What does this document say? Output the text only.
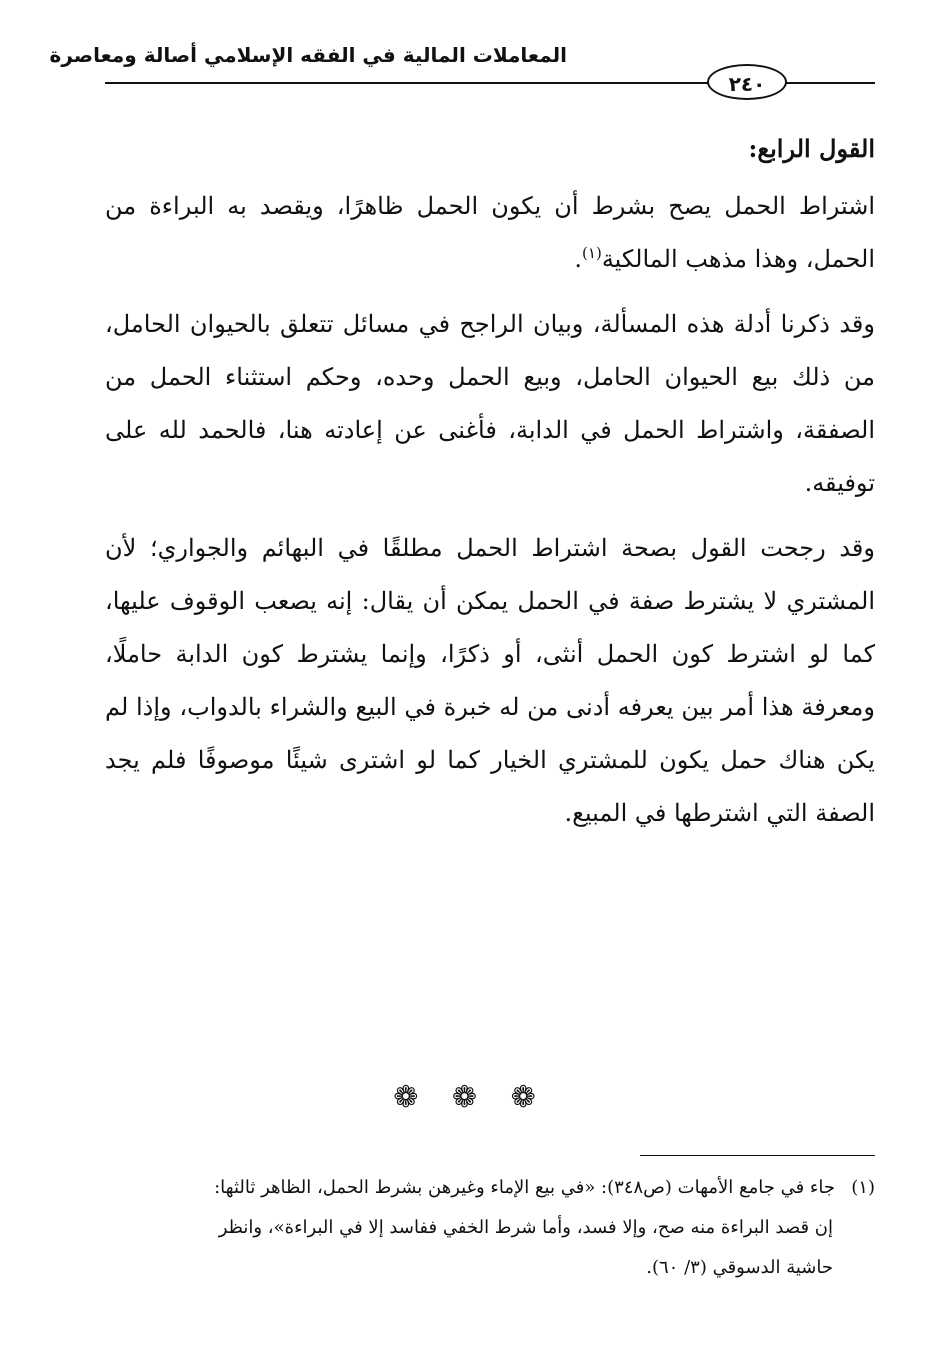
المعاملات المالية في الفقه الإسلامي أصالة ومعاصرة
٢٤٠
القول الرابع:

اشتراط الحمل يصح بشرط أن يكون الحمل ظاهرًا، ويقصد به البراءة من الحمل، وهذا مذهب المالكية$^{(١)}$.

وقد ذكرنا أدلة هذه المسألة، وبيان الراجح في مسائل تتعلق بالحيوان الحامل، من ذلك بيع الحيوان الحامل، وبيع الحمل وحده، وحكم استثناء الحمل من الصفقة، واشتراط الحمل في الدابة، فأغنى عن إعادته هنا، فالحمد لله على توفيقه.

وقد رجحت القول بصحة اشتراط الحمل مطلقًا في البهائم والجواري؛ لأن المشتري لا يشترط صفة في الحمل يمكن أن يقال: إنه يصعب الوقوف عليها، كما لو اشترط كون الحمل أنثى، أو ذكرًا، وإنما يشترط كون الدابة حاملًا، ومعرفة هذا أمر بين يعرفه أدنى من له خبرة في البيع والشراء بالدواب، وإذا لم يكن هناك حمل يكون للمشتري الخيار كما لو اشترى شيئًا موصوفًا فلم يجد الصفة التي اشترطها في المبيع.

❁ ❁ ❁

(١)جاء في جامع الأمهات (ص٣٤٨): «في بيع الإماء وغيرهن بشرط الحمل، الظاهر ثالثها:

إن قصد البراءة منه صح، وإلا فسد، وأما شرط الخفي ففاسد إلا في البراءة»، وانظر

حاشية الدسوقي (٣/ ٦٠).
